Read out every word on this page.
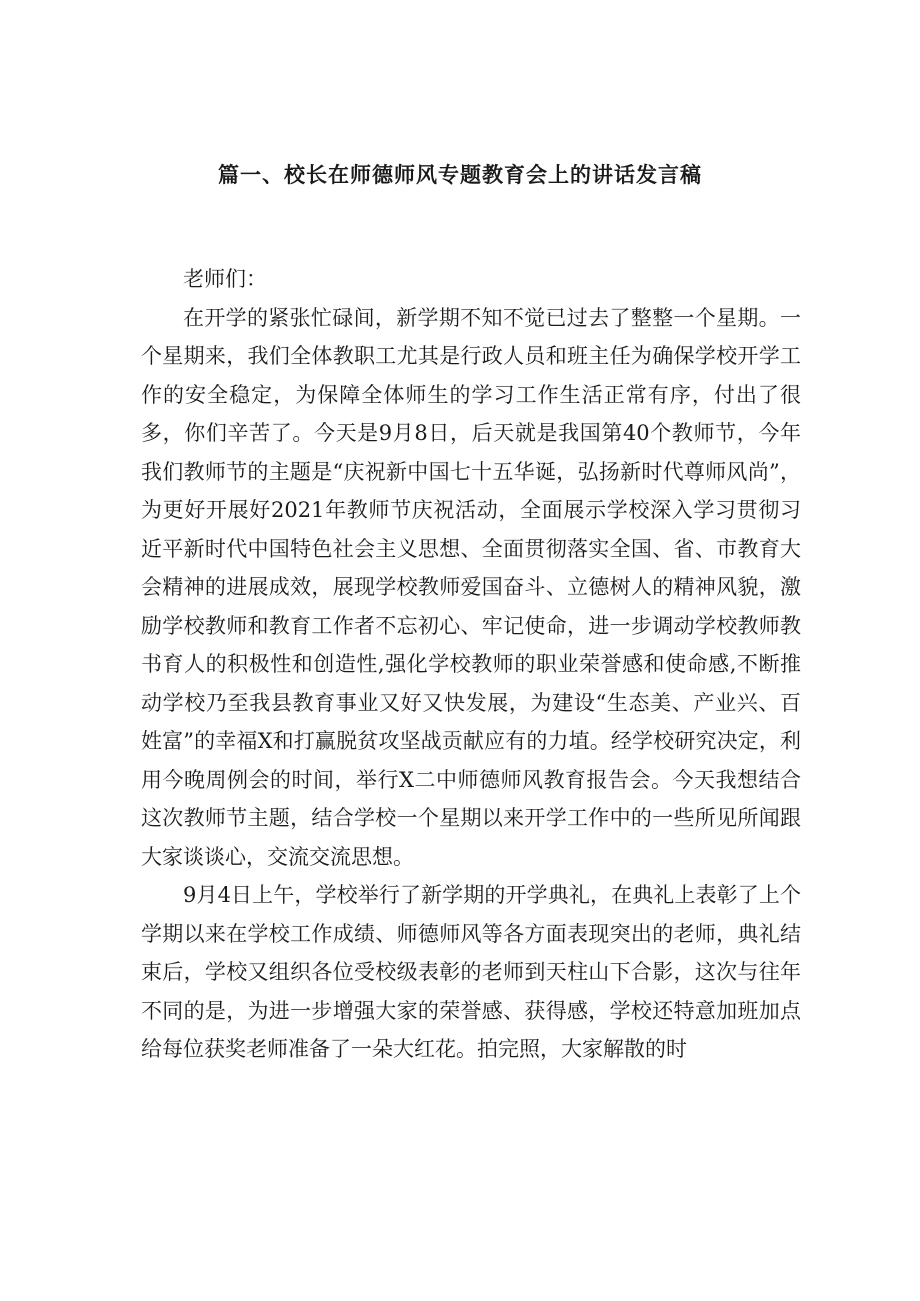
篇一、校长在师德师风专题教育会上的讲话发言稿

老师们：

在开学的紧张忙碌间，新学期不知不觉已过去了整整一个星期。一个星期来，我们全体教职工尤其是行政人员和班主任为确保学校开学工作的安全稳定，为保障全体师生的学习工作生活正常有序，付出了很多，你们辛苦了。今天是9月8日，后天就是我国第40个教师节，今年我们教师节的主题是“庆祝新中国七十五华诞，弘扬新时代尊师风尚”，为更好开展好2021年教师节庆祝活动，全面展示学校深入学习贯彻习近平新时代中国特色社会主义思想、全面贯彻落实全国、省、市教育大会精神的进展成效，展现学校教师爱国奋斗、立德树人的精神风貌，激励学校教师和教育工作者不忘初心、牢记使命，进一步调动学校教师教书育人的积极性和创造性,强化学校教师的职业荣誉感和使命感,不断推动学校乃至我县教育事业又好又快发展，为建设“生态美、产业兴、百姓富”的幸福X和打赢脱贫攻坚战贡献应有的力埴。经学校研究决定，利用今晚周例会的时间，举行X二中师德师风教育报告会。今天我想结合这次教师节主题，结合学校一个星期以来开学工作中的一些所见所闻跟大家谈谈心，交流交流思想。

9月4日上午，学校举行了新学期的开学典礼，在典礼上表彰了上个学期以来在学校工作成绩、师德师风等各方面表现突出的老师，典礼结束后，学校又组织各位受校级表彰的老师到天柱山下合影，这次与往年不同的是，为进一步增强大家的荣誉感、获得感，学校还特意加班加点给每位获奖老师准备了一朵大红花。拍完照，大家解散的时
